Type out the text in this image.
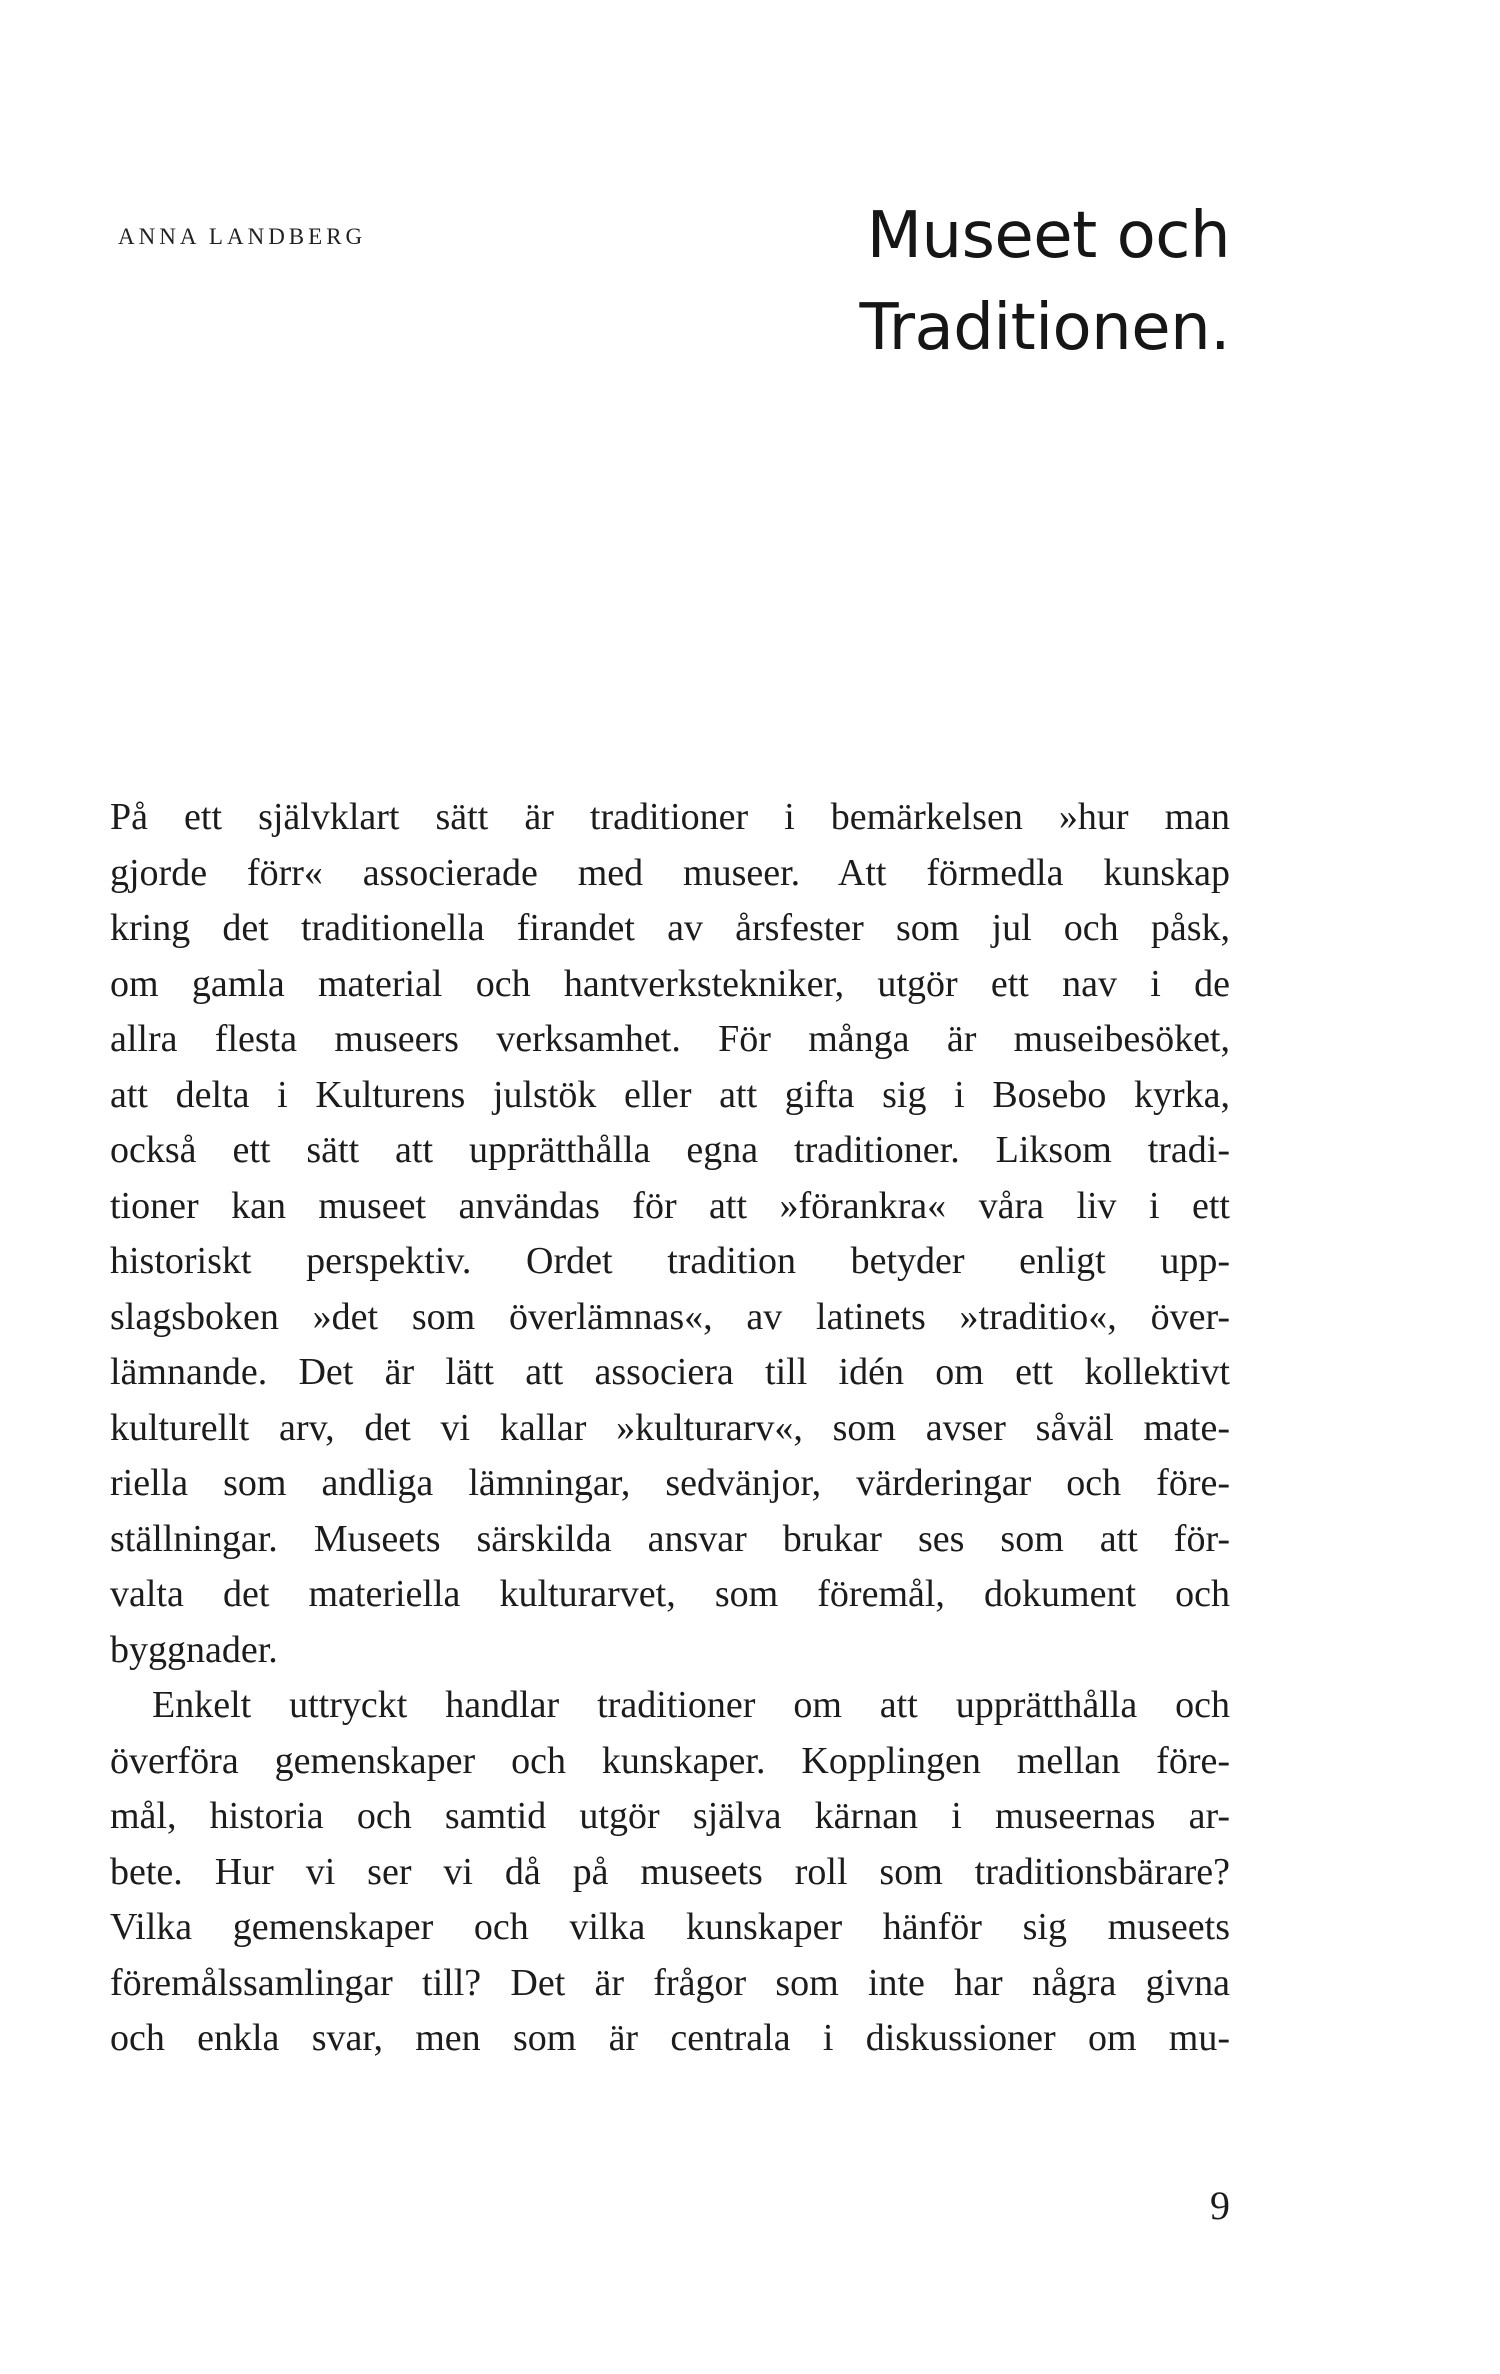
ANNA LANDBERG	Museet och
Traditionen.
På ett självklart sätt är traditioner i bemärkelsen »hur man
gjorde förr« associerade med museer. Att förmedla kunskap
kring det traditionella firandet av årsfester som jul och påsk,
om gamla material och hantverkstekniker, utgör ett nav i de
allra flesta museers verksamhet. För många är museibesöket,
att delta i Kulturens julstök eller att gifta sig i Bosebo kyrka,
också ett sätt att upprätthålla egna traditioner. Liksom tradi-
tioner kan museet användas för att »förankra« våra liv i ett
historiskt perspektiv. Ordet tradition betyder enligt upp-
slagsboken »det som överlämnas«, av latinets »traditio«, över-
lämnande. Det är lätt att associera till idén om ett kollektivt
kulturellt arv, det vi kallar »kulturarv«, som avser såväl mate-
riella som andliga lämningar, sedvänjor, värderingar och före-
ställningar. Museets särskilda ansvar brukar ses som att för-
valta det materiella kulturarvet, som föremål, dokument och
byggnader.
Enkelt uttryckt handlar traditioner om att upprätthålla och
överföra gemenskaper och kunskaper. Kopplingen mellan före-
mål, historia och samtid utgör själva kärnan i museernas ar-
bete. Hur vi ser vi då på museets roll som traditionsbärare?
Vilka gemenskaper och vilka kunskaper hänför sig museets
föremålssamlingar till? Det är frågor som inte har några givna
och enkla svar, men som är centrala i diskussioner om mu-
9
